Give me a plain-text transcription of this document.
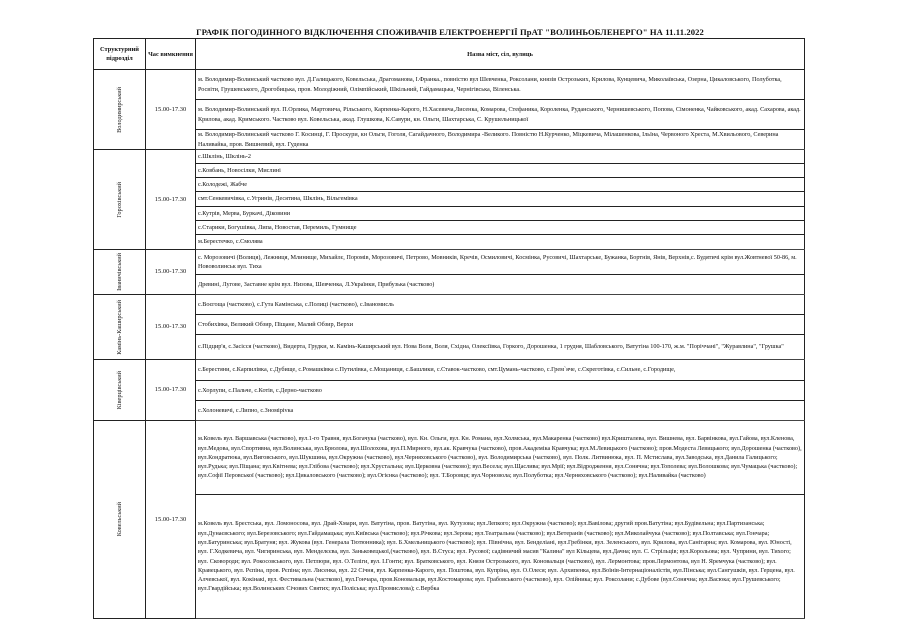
ГРАФІК ПОГОДИННОГО ВІДКЛЮЧЕННЯ СПОЖИВАЧІВ ЕЛЕКТРОЕНЕРГІЇ ПрАТ "ВОЛИНЬОБЛЕНЕРГО" НА 11.11.2022
Структурний підрозділ	Час вимкнення	Назва міст, сіл, вулиць

Володимирський	15.00-17.30	м. Володимир-Волинський частково вул. Д.Галицького, Ковельська, Драгоманова, І.Франка., повністю вул Шевченка, Роксолани, князів Острозьких, Крилова, Кунцевича, Миколаївська, Озерна, Цикаловського, Полуботка, Росвіти, Грушевського, Дрогобицька, пров. Молодіжний, Олімпійський, Шкільний, Гайдамацька, Чернігівська, Віленська.
		м. Володимир-Волинський вул. П.Орлика, Мартовича, Рільського, Карпенка-Карого, Н.Хасевича,Лисенка, Комарова, Стефаника, Короленка, Руданського, Чернишевського, Попова, Сімоненка, Чайковського, акад. Сахарова, акад. Крилова, акад. Кримського. Частково вул. Ковельська, акад. Глушкова, К.Савури, кн. Ольги, Шахтарська, С. Крушельницької
		м. Володимир-Волинський частково Г. Косинці, Г. Проскури, кн Ольги, Гоголя, Сагайдачного, Володимира -Великого. Повністю Н.Курченко, Міцкевича, Мілашенкова, Ільїна, Червоного Хреста, М.Хвильового, Северина Наливайка, пров. Вишневий, вул. Гуденка

Горохівський	15.00-17.30	с.Шклінь, Шклінь-2
		с.Ковбань, Новосілки, Мислині
		с.Колодежі, Жабче
		смт.Сенкевичівка, с.Угринів, Десятина, Шклінь, Вільгемівка
		с.Кутрів, Мерва, Буркачі, Діковини
		с.Старики, Богушівка, Липа, Новостав, Перемиль, Гумнище
		м.Берестечко, с.Смолява

Іваничівський	15.00-17.30	с. Морозовичі (Волиця), Лежниця, Млинище, Михайлє, Поромів, Морозовичі, Петрово, Мовників, Кречів, Осмиловичі, Космінка, Русовичі, Шахтарське, Бужанка, Бортнів, Янів, Верхнів,с. Будятичі крім вул.Жовтневої 50-86, м. Нововолинськ вул. Тиха
		Древині, Лугове, Заставне крім вул. Низова, Шевченка, Л.Українки, Прибузька (частково)

Камінь-Каширський	15.00-17.30	с.Воєгоща (частково), с.Гута Камінська, с.Полиці (частково), с.Іваномисль
		Стобихівка, Великий Обзир, Піщане, Малий Обзир, Верхи
		с.Підцир'я, с.Засісся (частково), Видерта, Грудки, м. Камінь-Каширський вул. Нова Воля, Воля, Східна, Олексіївка, Горкого, Дорошенка, 1 грудня, Шабловського, Ватутіна 100-170, ж.м. "Поріччанi", "Журавлина", "Грушка"

Ківерцівський	15.00-17.30	с.Берестяни, с.Карпилівка, с.Дубище, с.Ромашківка с.Путилівка, с.Мощаниця, с.Башлики, с.Ставок-частково, смт.Цумань-частково, с.Грем`яче, с.Скреготівка, с.Сильне, с.Городище,
		с.Хорлупи, с.Пальче, с.Котів, с.Дерно-частково
		с.Холоневичі, с.Липно, с.Зноміріvка

Ковельський	15.00-17.30	м.Ковель вул. Варшавська (частково), вул.1-го Травня, вул.Богачука (частково), вул. Кн. Ольги, вул. Кн. Романа, вул.Холмська, вул.Макаренка (частково) вул.Кришталева, вул. Вишнева, вул. Барвінкова, вул.Гайова, вул.Кленова, вул.Медова, вул.Спортивна, вул.Волинська, вул.Брюлова, вул.Шолохова, вул.П.Мирного, вул.ак. Кравчука (частково), пров.Академіка Кравчука; вул.М.Левицького (частково); пров.Модеста Левицького; вул.Дорошенка (частково), вул.Кондратюка, вул.Виговського, вул.Шукшина, вул.Окружна (частково), вул.Черняховського (частково), вул. Володимирська (частково), вул. Полк. Литвинюка, вул. П. Мстислава, вул.Заводська, вул.Данила Галицького; вул.Рудька; вул.Піщана; вул.Квітнева; вул.Глібова (частково); вул.Хрустальна; вул.Церковна (частково); вул.Весела; вул.Щаслива; вул.Мрії; вул.Відродження, вул.Сонячна; вул.Тополева; вул.Волошкова; вул.Чумацька (частково); вул.Софії Перовської (частково); вул.Цикаловського (частково); вул.Огієнка (частково); вул. Т.Боровця; вул.Чорновола; вул.Полуботка; вул.Черняховського (частково); вул.Наливайка (частково)
		м.Ковель вул. Брестська, вул. Ломоносова, вул. Драй-Хмари, вул. Ватутіна, пров. Ватутіна, вул. Кутузова; вул.Лепкого; вул.Окружна (частково); вул.Вавілова; другий пров.Ватутіна; вул.Будівельна; вул.Партизанська; вул.Дунаєвського; вул.Березовського; вул.Гайдамацька; вул.Київська (частково); вул.Річкова; вул.Зерова; вул.Театральна (частково); вул.Ветеранів (частково); вул.Миколайчука (частково); вул.Полтавська; вул.Гончара; вул.Батуринська; вул.Братуня; вул. Жукова (вул. Генерала Тютюнника); вул. Б.Хмельницького (частково); вул. Північна, вул. Бенделіані, вул.Гребінки, вул. Зеленського, вул. Крилова, вул.Санітарна; вул. Комарова, вул. Юності, вул. Г.Ходкевича, вул. Чигиринська, вул. Менделєєва, вул. Заньковецької,(частково), вул. В.Стуса; вул. Русової; садівничий масив "Калина" вул Кільцева, вул.Дачна; вул. С. Стрільців; вул.Корольова; вул. Чуприни, вул. Тихого; вул. Сковороди; вул. Рокосовського, вул. Петлюри, вул. О.Теліги, вул. І.Гонти; вул. Братковського, вул. Князя Острозького, вул. Коновальця (частково), вул. Лермонтова; пров.Лермонтова, вул Н. Яремчука (частково); вул. Кравецького, вул. Рєпіна, пров. Рєпіна; вул. Лисенка, вул. 22 Січня, вул. Карпенка-Карого, вул. Поштова, вул. Купріна, вул. О.Олеся; вул. Архипенка, вул.Воїнів-Інтернаціоналістів, вул.Пінська; вул.Сангушків, вул. Герцена, вул. Алчевської, вул. Кокінакі, вул. Фестивальна (частково), вул.Гончара, пров.Коновальця, вул.Костомарова; вул. Грабовського (частково), вул. Олійника; вул. Роксолани; с.Дубове (вул.Сонячна; вул.Васюка; вул.Грушевського; вул.Гвардійська; вул.Волинських Січових Святих; вул.Поліська; вул.Промислова); с.Вербка
